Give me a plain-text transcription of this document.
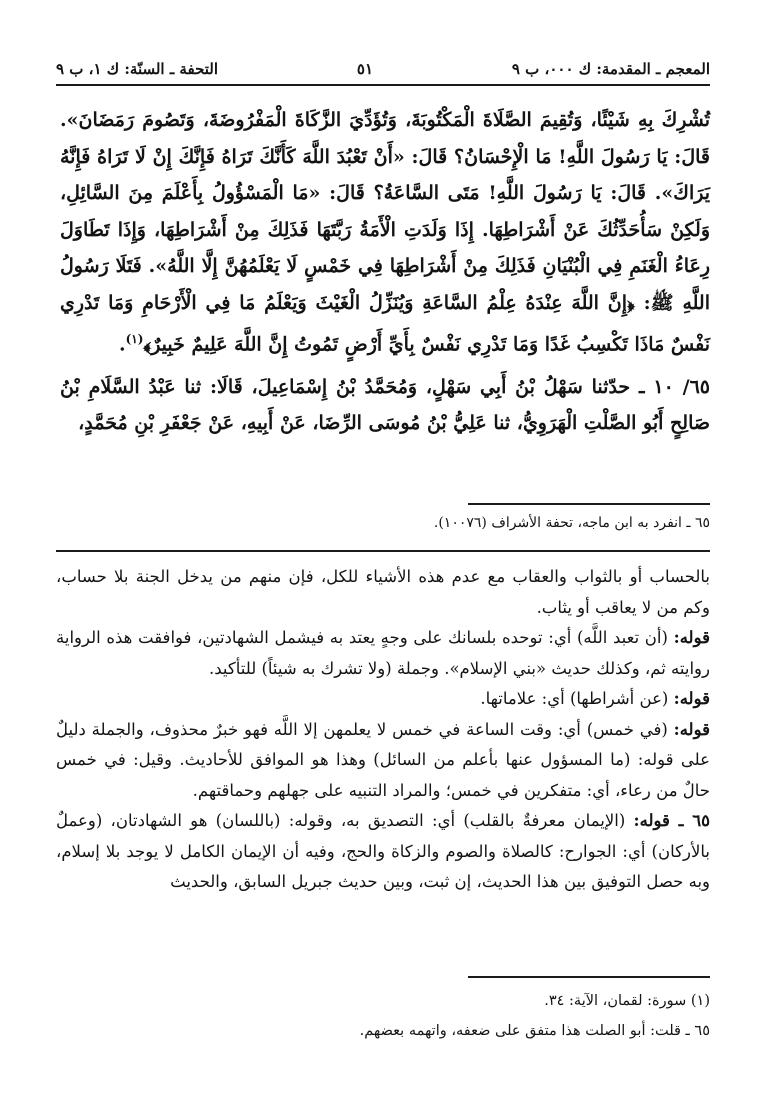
المعجم ـ المقدمة: ك ٠٠٠، ب ٩
٥١
التحفة ـ السنّة: ك ١، ب ٩

تُشْرِكَ بِهِ شَيْئًا، وَتُقِيمَ الصَّلَاةَ الْمَكْتُوبَةَ، وَتُؤَدِّيَ الزَّكَاةَ الْمَفْرُوضَةَ، وَتَصُومَ رَمَضَانَ». قَالَ: يَا رَسُولَ اللَّهِ! مَا الْإِحْسَانُ؟ قَالَ: «أَنْ تَعْبُدَ اللَّهَ كَأَنَّكَ تَرَاهُ فَإِنَّكَ إِنْ لَا تَرَاهُ فَإِنَّهُ يَرَاكَ». قَالَ: يَا رَسُولَ اللَّهِ! مَتَى السَّاعَةُ؟ قَالَ: «مَا الْمَسْؤُولُ بِأَعْلَمَ مِنَ السَّائِلِ، وَلَكِنْ سَأُحَدِّثُكَ عَنْ أَشْرَاطِهَا. إِذَا وَلَدَتِ الْأَمَةُ رَبَّتَهَا فَذَلِكَ مِنْ أَشْرَاطِهَا، وَإِذَا تَطَاوَلَ رِعَاءُ الْغَنَمِ فِي الْبُنْيَانِ فَذَلِكَ مِنْ أَشْرَاطِهَا فِي خَمْسٍ لَا يَعْلَمُهُنَّ إِلَّا اللَّهُ». فَتَلَا رَسُولُ اللَّهِ ﷺ: ﴿إِنَّ اللَّهَ عِنْدَهُ عِلْمُ السَّاعَةِ وَيُنَزِّلُ الْغَيْثَ وَيَعْلَمُ مَا فِي الْأَرْحَامِ وَمَا تَدْرِي نَفْسٌ مَاذَا تَكْسِبُ غَدًا وَمَا تَدْرِي نَفْسٌ بِأَيِّ أَرْضٍ تَمُوتُ إِنَّ اللَّهَ عَلِيمٌ خَبِيرٌ﴾$^{(١)}$.

٦٥/ ١٠ ـ حدّثنا سَهْلُ بْنُ أَبِي سَهْلٍ، وَمُحَمَّدُ بْنُ إِسْمَاعِيلَ، قَالَا: ثنا عَبْدُ السَّلَامِ بْنُ صَالِحٍ أَبُو الصَّلْتِ الْهَرَوِيُّ، ثنا عَلِيُّ بْنُ مُوسَى الرِّضَا، عَنْ أَبِيهِ، عَنْ جَعْفَرِ بْنِ مُحَمَّدٍ،

٦٥ ـ انفرد به ابن ماجه، تحفة الأشراف (١٠٠٧٦).

بالحساب أو بالثواب والعقاب مع عدم هذه الأشياء للكل، فإن منهم من يدخل الجنة بلا حساب، وكم من لا يعاقب أو يثاب.

قوله: (أن تعبد اللَّه) أي: توحده بلسانك على وجهٍ يعتد به فيشمل الشهادتين، فوافقت هذه الرواية روايته ثم، وكذلك حديث «بني الإسلام». وجملة (ولا تشرك به شيئاً) للتأكيد.

قوله: (عن أشراطها) أي: علاماتها.

قوله: (في خمس) أي: وقت الساعة في خمس لا يعلمهن إلا اللَّه فهو خبرٌ محذوف، والجملة دليلٌ على قوله: (ما المسؤول عنها بأعلم من السائل) وهذا هو الموافق للأحاديث. وقيل: في خمس حالٌ من رعاء، أي: متفكرين في خمس؛ والمراد التنبيه على جهلهم وحماقتهم.

٦٥ ـ قوله: (الإيمان معرفةٌ بالقلب) أي: التصديق به، وقوله: (باللسان) هو الشهادتان، (وعملٌ بالأركان) أي: الجوارح: كالصلاة والصوم والزكاة والحج، وفيه أن الإيمان الكامل لا يوجد بلا إسلام، وبه حصل التوفيق بين هذا الحديث، إن ثبت، وبين حديث جبريل السابق، والحديث

(١) سورة: لقمان، الآية: ٣٤.

٦٥ ـ قلت: أبو الصلت هذا متفق على ضعفه، واتهمه بعضهم.
